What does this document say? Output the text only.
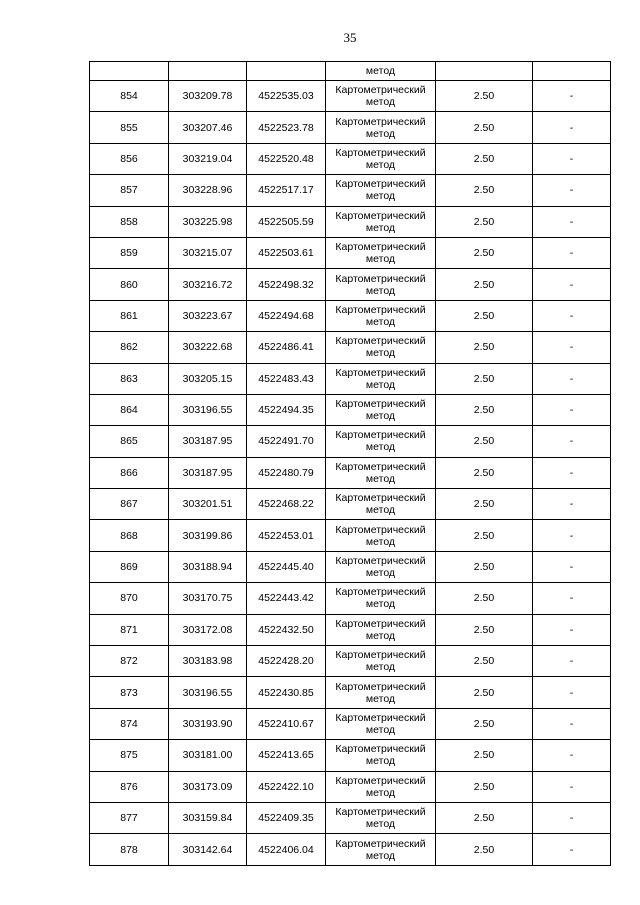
35
			метод		
854	303209.78	4522535.03	Картометрический метод	2.50	-
855	303207.46	4522523.78	Картометрический метод	2.50	-
856	303219.04	4522520.48	Картометрический метод	2.50	-
857	303228.96	4522517.17	Картометрический метод	2.50	-
858	303225.98	4522505.59	Картометрический метод	2.50	-
859	303215.07	4522503.61	Картометрический метод	2.50	-
860	303216.72	4522498.32	Картометрический метод	2.50	-
861	303223.67	4522494.68	Картометрический метод	2.50	-
862	303222.68	4522486.41	Картометрический метод	2.50	-
863	303205.15	4522483.43	Картометрический метод	2.50	-
864	303196.55	4522494.35	Картометрический метод	2.50	-
865	303187.95	4522491.70	Картометрический метод	2.50	-
866	303187.95	4522480.79	Картометрический метод	2.50	-
867	303201.51	4522468.22	Картометрический метод	2.50	-
868	303199.86	4522453.01	Картометрический метод	2.50	-
869	303188.94	4522445.40	Картометрический метод	2.50	-
870	303170.75	4522443.42	Картометрический метод	2.50	-
871	303172.08	4522432.50	Картометрический метод	2.50	-
872	303183.98	4522428.20	Картометрический метод	2.50	-
873	303196.55	4522430.85	Картометрический метод	2.50	-
874	303193.90	4522410.67	Картометрический метод	2.50	-
875	303181.00	4522413.65	Картометрический метод	2.50	-
876	303173.09	4522422.10	Картометрический метод	2.50	-
877	303159.84	4522409.35	Картометрический метод	2.50	-
878	303142.64	4522406.04	Картометрический метод	2.50	-
